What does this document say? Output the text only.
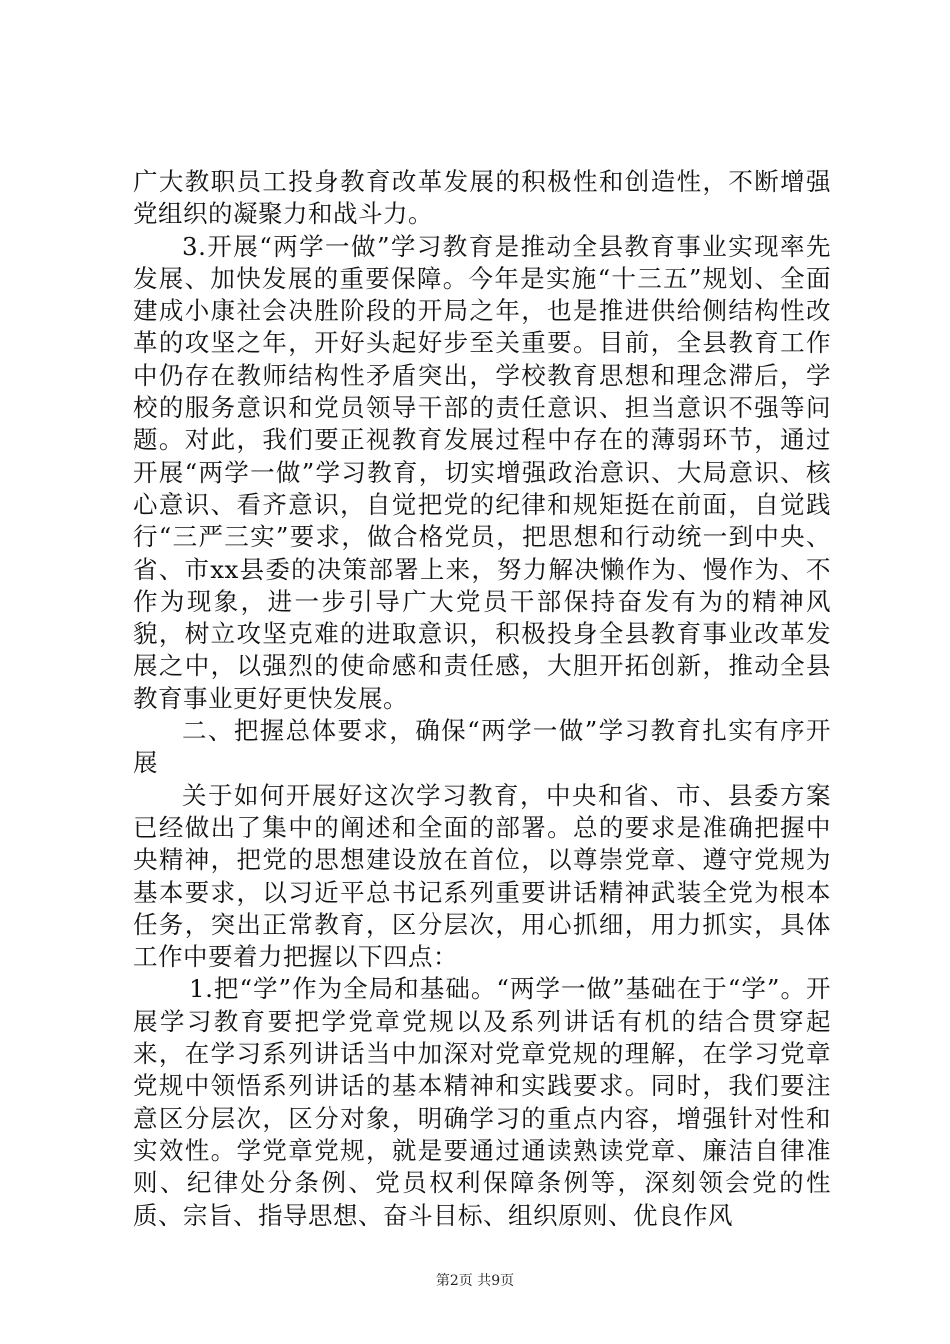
广大教职员工投身教育改革发展的积极性和创造性，不断增强党组织的凝聚力和战斗力。

3.开展“两学一做”学习教育是推动全县教育事业实现率先发展、加快发展的重要保障。今年是实施“十三五”规划、全面建成小康社会决胜阶段的开局之年，也是推进供给侧结构性改革的攻坚之年，开好头起好步至关重要。目前，全县教育工作中仍存在教师结构性矛盾突出，学校教育思想和理念滞后，学校的服务意识和党员领导干部的责任意识、担当意识不强等问题。对此，我们要正视教育发展过程中存在的薄弱环节，通过开展“两学一做”学习教育，切实增强政治意识、大局意识、核心意识、看齐意识，自觉把党的纪律和规矩挺在前面，自觉践行“三严三实”要求，做合格党员，把思想和行动统一到中央、省、市xx县委的决策部署上来，努力解决懒作为、慢作为、不作为现象，进一步引导广大党员干部保持奋发有为的精神风貌，树立攻坚克难的进取意识，积极投身全县教育事业改革发展之中，以强烈的使命感和责任感，大胆开拓创新，推动全县教育事业更好更快发展。

二、把握总体要求，确保“两学一做”学习教育扎实有序开展

关于如何开展好这次学习教育，中央和省、市、县委方案已经做出了集中的阐述和全面的部署。总的要求是准确把握中央精神，把党的思想建设放在首位，以尊崇党章、遵守党规为基本要求，以习近平总书记系列重要讲话精神武装全党为根本任务，突出正常教育，区分层次，用心抓细，用力抓实，具体工作中要着力把握以下四点：

1.把“学”作为全局和基础。“两学一做”基础在于“学”。开展学习教育要把学党章党规以及系列讲话有机的结合贯穿起来，在学习系列讲话当中加深对党章党规的理解，在学习党章党规中领悟系列讲话的基本精神和实践要求。同时，我们要注意区分层次，区分对象，明确学习的重点内容，增强针对性和实效性。学党章党规，就是要通过通读熟读党章、廉洁自律准则、纪律处分条例、党员权利保障条例等，深刻领会党的性质、宗旨、指导思想、奋斗目标、组织原则、优良作风

第2页 共9页
